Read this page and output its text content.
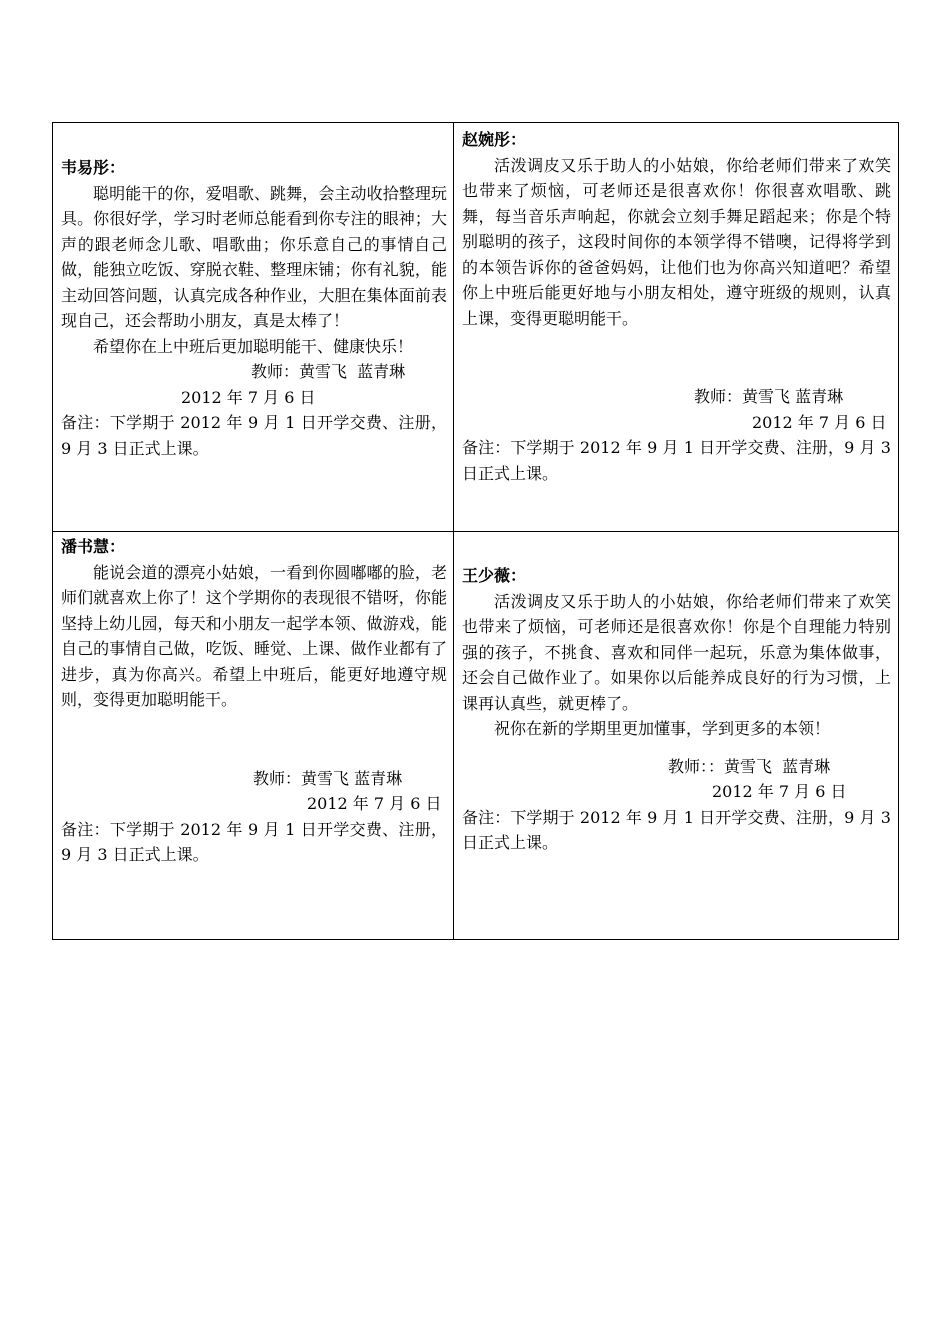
韦易彤：

聪明能干的你，爱唱歌、跳舞，会主动收拾整理玩具。你很好学，学习时老师总能看到你专注的眼神；大声的跟老师念儿歌、唱歌曲；你乐意自己的事情自己做，能独立吃饭、穿脱衣鞋、整理床铺；你有礼貌，能主动回答问题，认真完成各种作业，大胆在集体面前表现自己，还会帮助小朋友，真是太棒了！

希望你在上中班后更加聪明能干、健康快乐！

教师：黄雪飞  蓝青琳

2012 年 7 月 6 日

备注：下学期于 2012 年 9 月 1 日开学交费、注册，9 月 3 日正式上课。

赵婉彤：

活泼调皮又乐于助人的小姑娘，你给老师们带来了欢笑也带来了烦恼，可老师还是很喜欢你！你很喜欢唱歌、跳舞，每当音乐声响起，你就会立刻手舞足蹈起来；你是个特别聪明的孩子，这段时间你的本领学得不错噢，记得将学到的本领告诉你的爸爸妈妈，让他们也为你高兴知道吧？希望你上中班后能更好地与小朋友相处，遵守班级的规则，认真上课，变得更聪明能干。

教师：黄雪飞 蓝青琳

2012 年 7 月 6 日

备注：下学期于 2012 年 9 月 1 日开学交费、注册，9 月 3 日正式上课。

潘书慧：

能说会道的漂亮小姑娘，一看到你圆嘟嘟的脸，老师们就喜欢上你了！这个学期你的表现很不错呀，你能坚持上幼儿园，每天和小朋友一起学本领、做游戏，能自己的事情自己做，吃饭、睡觉、上课、做作业都有了进步，真为你高兴。希望上中班后，能更好地遵守规则，变得更加聪明能干。

教师：黄雪飞 蓝青琳

2012 年 7 月 6 日

备注：下学期于 2012 年 9 月 1 日开学交费、注册，9 月 3 日正式上课。

王少薇：

活泼调皮又乐于助人的小姑娘，你给老师们带来了欢笑也带来了烦恼，可老师还是很喜欢你！你是个自理能力特别强的孩子，不挑食、喜欢和同伴一起玩，乐意为集体做事，还会自己做作业了。如果你以后能养成良好的行为习惯，上课再认真些，就更棒了。

祝你在新的学期里更加懂事，学到更多的本领！

教师：：黄雪飞  蓝青琳

2012 年 7 月 6 日

备注：下学期于 2012 年 9 月 1 日开学交费、注册，9 月 3 日正式上课。
